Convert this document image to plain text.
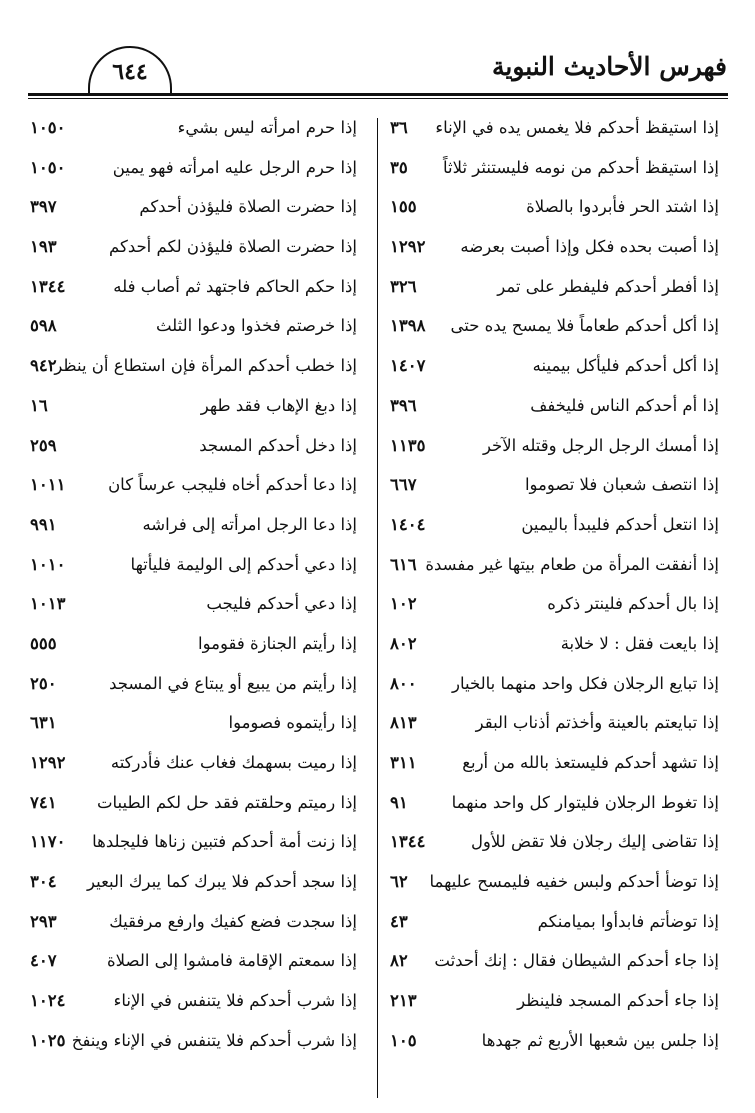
٦٤٤	فهرس الأحاديث النبوية
إذا استيقظ أحدكم فلا يغمس يده في الإناء
٣٦
إذا استيقظ أحدكم من نومه فليستنثر ثلاثاً
٣٥
إذا اشتد الحر فأبردوا بالصلاة
١٥٥
إذا أصبت بحده فكل وإذا أصبت بعرضه
١٢٩٢
إذا أفطر أحدكم فليفطر على تمر
٣٢٦
إذا أكل أحدكم طعاماً فلا يمسح يده حتى
١٣٩٨
إذا أكل أحدكم فليأكل بيمينه
١٤٠٧
إذا أم أحدكم الناس فليخفف
٣٩٦
إذا أمسك الرجل الرجل وقتله الآخر
١١٣٥
إذا انتصف شعبان فلا تصوموا
٦٦٧
إذا انتعل أحدكم فليبدأ باليمين
١٤٠٤
إذا أنفقت المرأة من طعام بيتها غير مفسدة
٦١٦
إذا بال أحدكم فلينتر ذكره
١٠٢
إذا بايعت فقل : لا خلابة
٨٠٢
إذا تبايع الرجلان فكل واحد منهما بالخيار
٨٠٠
إذا تبايعتم بالعينة وأخذتم أذناب البقر
٨١٣
إذا تشهد أحدكم فليستعذ بالله من أربع
٣١١
إذا تغوط الرجلان فليتوار كل واحد منهما
٩١
إذا تقاضى إليك رجلان فلا تقض للأول
١٣٤٤
إذا توضأ أحدكم ولبس خفيه فليمسح عليهما
٦٢
إذا توضأتم فابدأوا بميامنكم
٤٣
إذا جاء أحدكم الشيطان فقال : إنك أحدثت
٨٢
إذا جاء أحدكم المسجد فلينظر
٢١٣
إذا جلس بين شعبها الأربع ثم جهدها
١٠٥
إذا حرم امرأته ليس بشيء
١٠٥٠
إذا حرم الرجل عليه امرأته فهو يمين
١٠٥٠
إذا حضرت الصلاة فليؤذن أحدكم
٣٩٧
إذا حضرت الصلاة فليؤذن لكم أحدكم
١٩٣
إذا حكم الحاكم فاجتهد ثم أصاب فله
١٣٤٤
إذا خرصتم فخذوا ودعوا الثلث
٥٩٨
إذا خطب أحدكم المرأة فإن استطاع أن ينظر
٩٤٢
إذا دبغ الإهاب فقد طهر
١٦
إذا دخل أحدكم المسجد
٢٥٩
إذا دعا أحدكم أخاه فليجب عرساً كان
١٠١١
إذا دعا الرجل امرأته إلى فراشه
٩٩١
إذا دعي أحدكم إلى الوليمة فليأتها
١٠١٠
إذا دعي أحدكم فليجب
١٠١٣
إذا رأيتم الجنازة فقوموا
٥٥٥
إذا رأيتم من يبيع أو يبتاع في المسجد
٢٥٠
إذا رأيتموه فصوموا
٦٣١
إذا رميت بسهمك فغاب عنك فأدركته
١٢٩٢
إذا رميتم وحلقتم فقد حل لكم الطيبات
٧٤١
إذا زنت أمة أحدكم فتبين زناها فليجلدها
١١٧٠
إذا سجد أحدكم فلا يبرك كما يبرك البعير
٣٠٤
إذا سجدت فضع كفيك وارفع مرفقيك
٢٩٣
إذا سمعتم الإقامة فامشوا إلى الصلاة
٤٠٧
إذا شرب أحدكم فلا يتنفس في الإناء
١٠٢٤
إذا شرب أحدكم فلا يتنفس في الإناء وينفخ
١٠٢٥
